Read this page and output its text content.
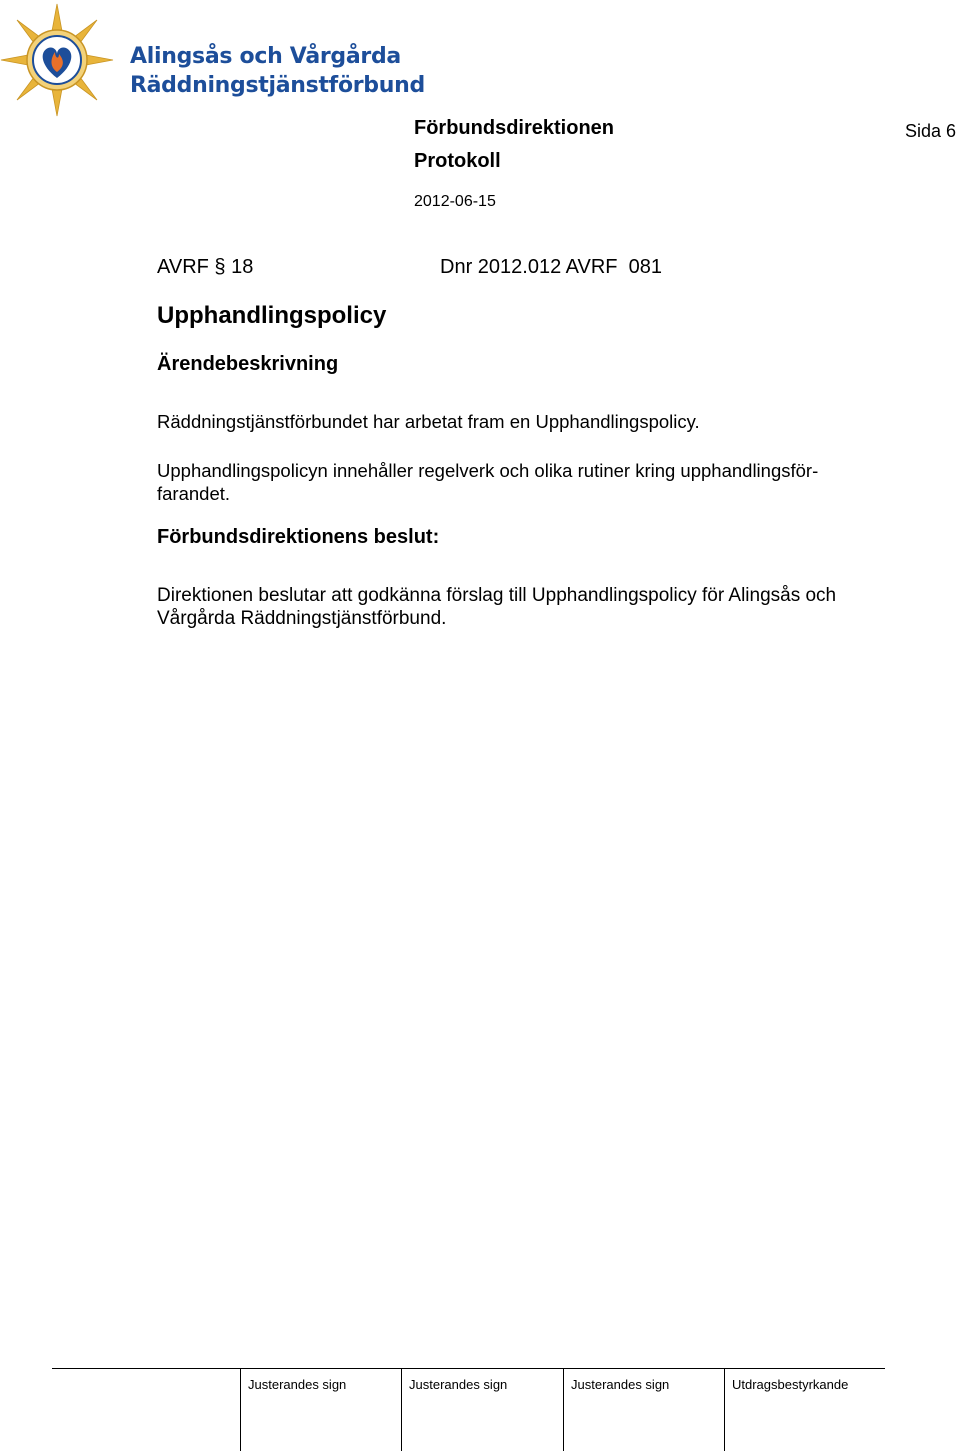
Alingsås och Vårgårda
Räddningstjänstförbund
Förbundsdirektionen
Protokoll
2012-06-15
Sida 6
AVRF § 18	Dnr 2012.012 AVRF  081
Upphandlingspolicy
Ärendebeskrivning
Räddningstjänstförbundet har arbetat fram en Upphandlingspolicy.
Upphandlingspolicyn innehåller regelverk och olika rutiner kring upphandlingsför-farandet.
Förbundsdirektionens beslut:
Direktionen beslutar att godkänna förslag till Upphandlingspolicy för Alingsås och Vårgårda Räddningstjänstförbund.
Justerandes sign	Justerandes sign	Justerandes sign	Utdragsbestyrkande
